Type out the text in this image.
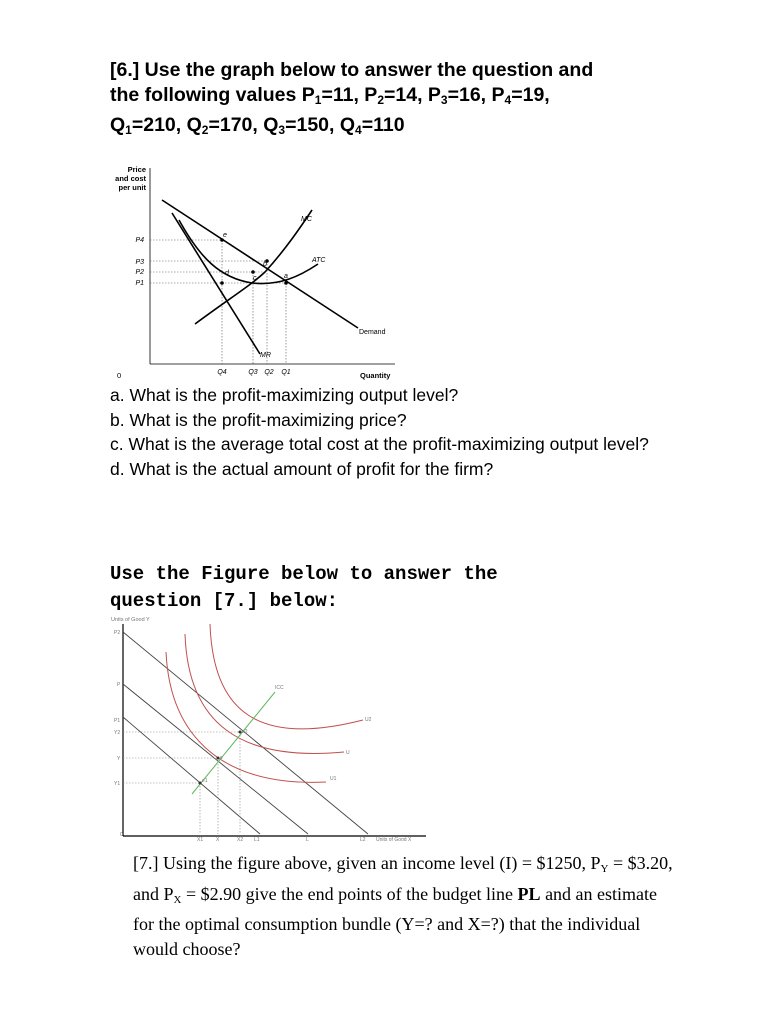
[6.] Use the graph below to answer the question and
the following values $P_1=11$, $P_2=14$, $P_3=16$, $P_4=19$,
$Q_1=210$, $Q_2=170$, $Q_3=150$, $Q_4=110$
Price
and cost
per unit
0	Quantity
MC
ATC
MR
Demand
e
b
c	a
d
P4
P3
P2
P1
Q4	Q3 Q2 Q1
a. What is the profit-maximizing output level?
b. What is the profit-maximizing price?
c. What is the average total cost at the profit-maximizing output level?
d. What is the actual amount of profit for the firm?
Use the Figure below to answer the
question [7.] below:
Units of Good Y
0
P2
P
P1
Y2
Y
Y1
X1	X	X2 L1	L	L2 Units of Good X
ICC
U2
U
U1
e2
e
e1
[7.] Using the figure above, given an income level (I) = $1250, $P_Y$ = $3.20, and $P_X$ = $2.90 give the end points of the budget line PL and an estimate for the optimal consumption bundle (Y=? and X=?) that the individual would choose?
